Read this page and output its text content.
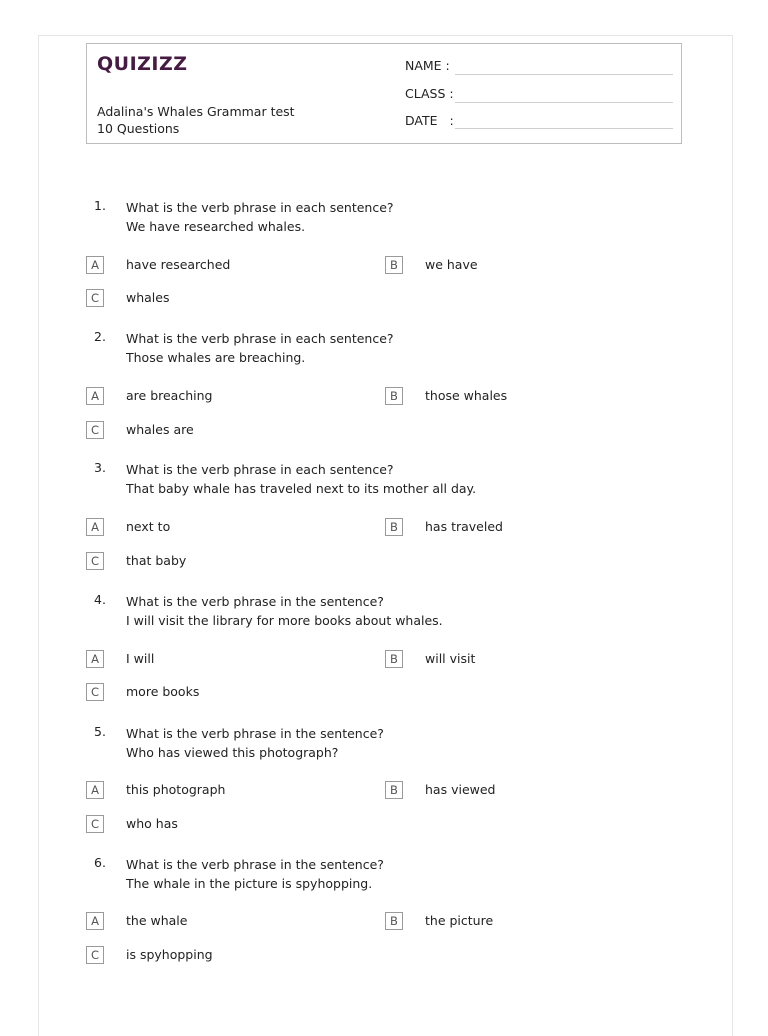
QUIZIZZ
Adalina's Whales Grammar test
10 Questions
NAME :
CLASS :
DATE   :
1. What is the verb phrase in each sentence?
We have researched whales.
A	have researched	B	we have
C	whales
2. What is the verb phrase in each sentence?
Those whales are breaching.
A	are breaching	B	those whales
C	whales are
3. What is the verb phrase in each sentence?
That baby whale has traveled next to its mother all day.
A	next to	B	has traveled
C	that baby
4. What is the verb phrase in the sentence?
I will visit the library for more books about whales.
A	I will	B	will visit
C	more books
5. What is the verb phrase in the sentence?
Who has viewed this photograph?
A	this photograph	B	has viewed
C	who has
6. What is the verb phrase in the sentence?
The whale in the picture is spyhopping.
A	the whale	B	the picture
C	is spyhopping
